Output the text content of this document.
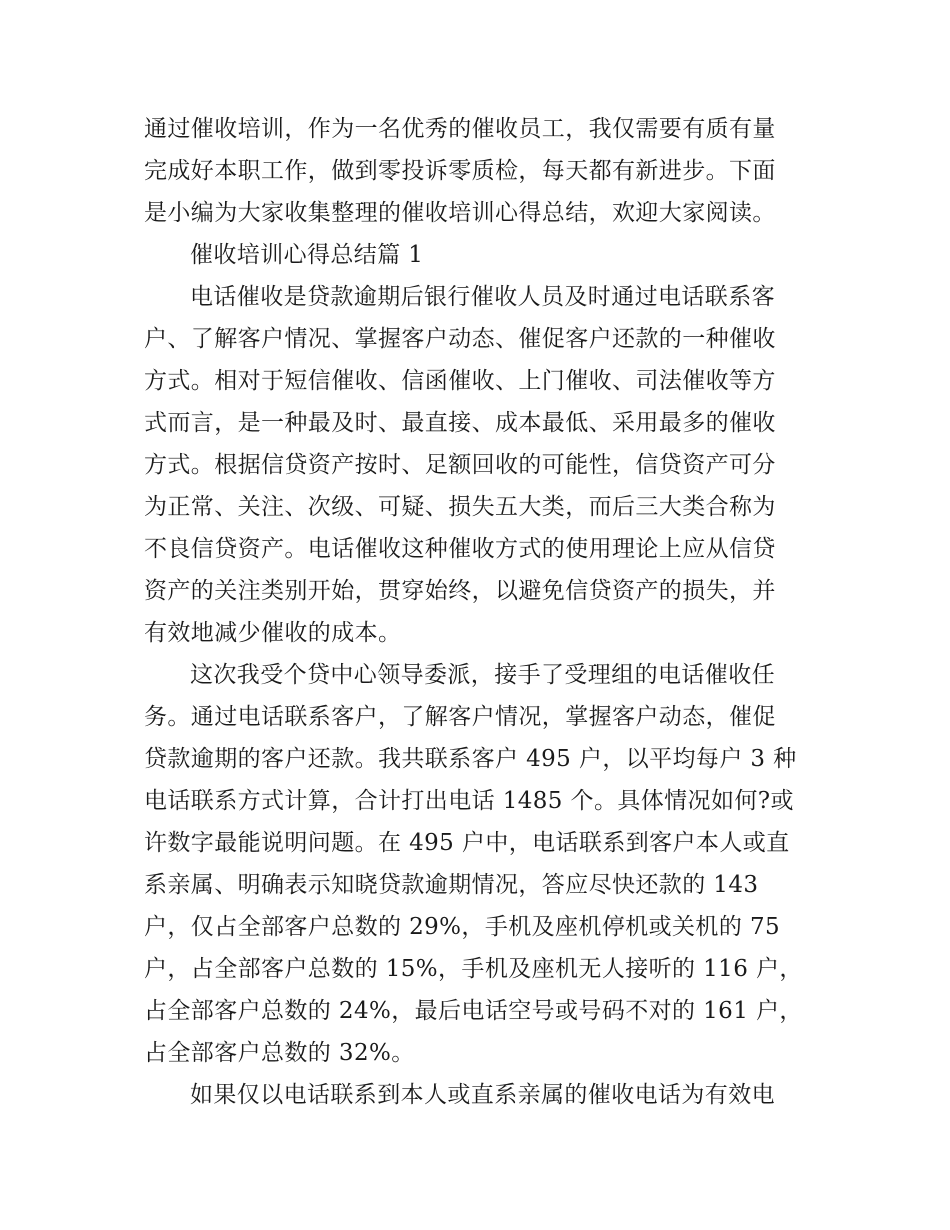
通过催收培训，作为一名优秀的催收员工，我仅需要有质有量
完成好本职工作，做到零投诉零质检，每天都有新进步。下面
是小编为大家收集整理的催收培训心得总结，欢迎大家阅读。
催收培训心得总结篇 1
电话催收是贷款逾期后银行催收人员及时通过电话联系客
户、了解客户情况、掌握客户动态、催促客户还款的一种催收
方式。相对于短信催收、信函催收、上门催收、司法催收等方
式而言，是一种最及时、最直接、成本最低、采用最多的催收
方式。根据信贷资产按时、足额回收的可能性，信贷资产可分
为正常、关注、次级、可疑、损失五大类，而后三大类合称为
不良信贷资产。电话催收这种催收方式的使用理论上应从信贷
资产的关注类别开始，贯穿始终，以避免信贷资产的损失，并
有效地减少催收的成本。
这次我受个贷中心领导委派，接手了受理组的电话催收任
务。通过电话联系客户，了解客户情况，掌握客户动态，催促
贷款逾期的客户还款。我共联系客户 495 户，以平均每户 3 种
电话联系方式计算，合计打出电话 1485 个。具体情况如何?或
许数字最能说明问题。在 495 户中，电话联系到客户本人或直
系亲属、明确表示知晓贷款逾期情况，答应尽快还款的 143
户，仅占全部客户总数的 29%，手机及座机停机或关机的 75
户，占全部客户总数的 15%，手机及座机无人接听的 116 户，
占全部客户总数的 24%，最后电话空号或号码不对的 161 户，
占全部客户总数的 32%。
如果仅以电话联系到本人或直系亲属的催收电话为有效电
